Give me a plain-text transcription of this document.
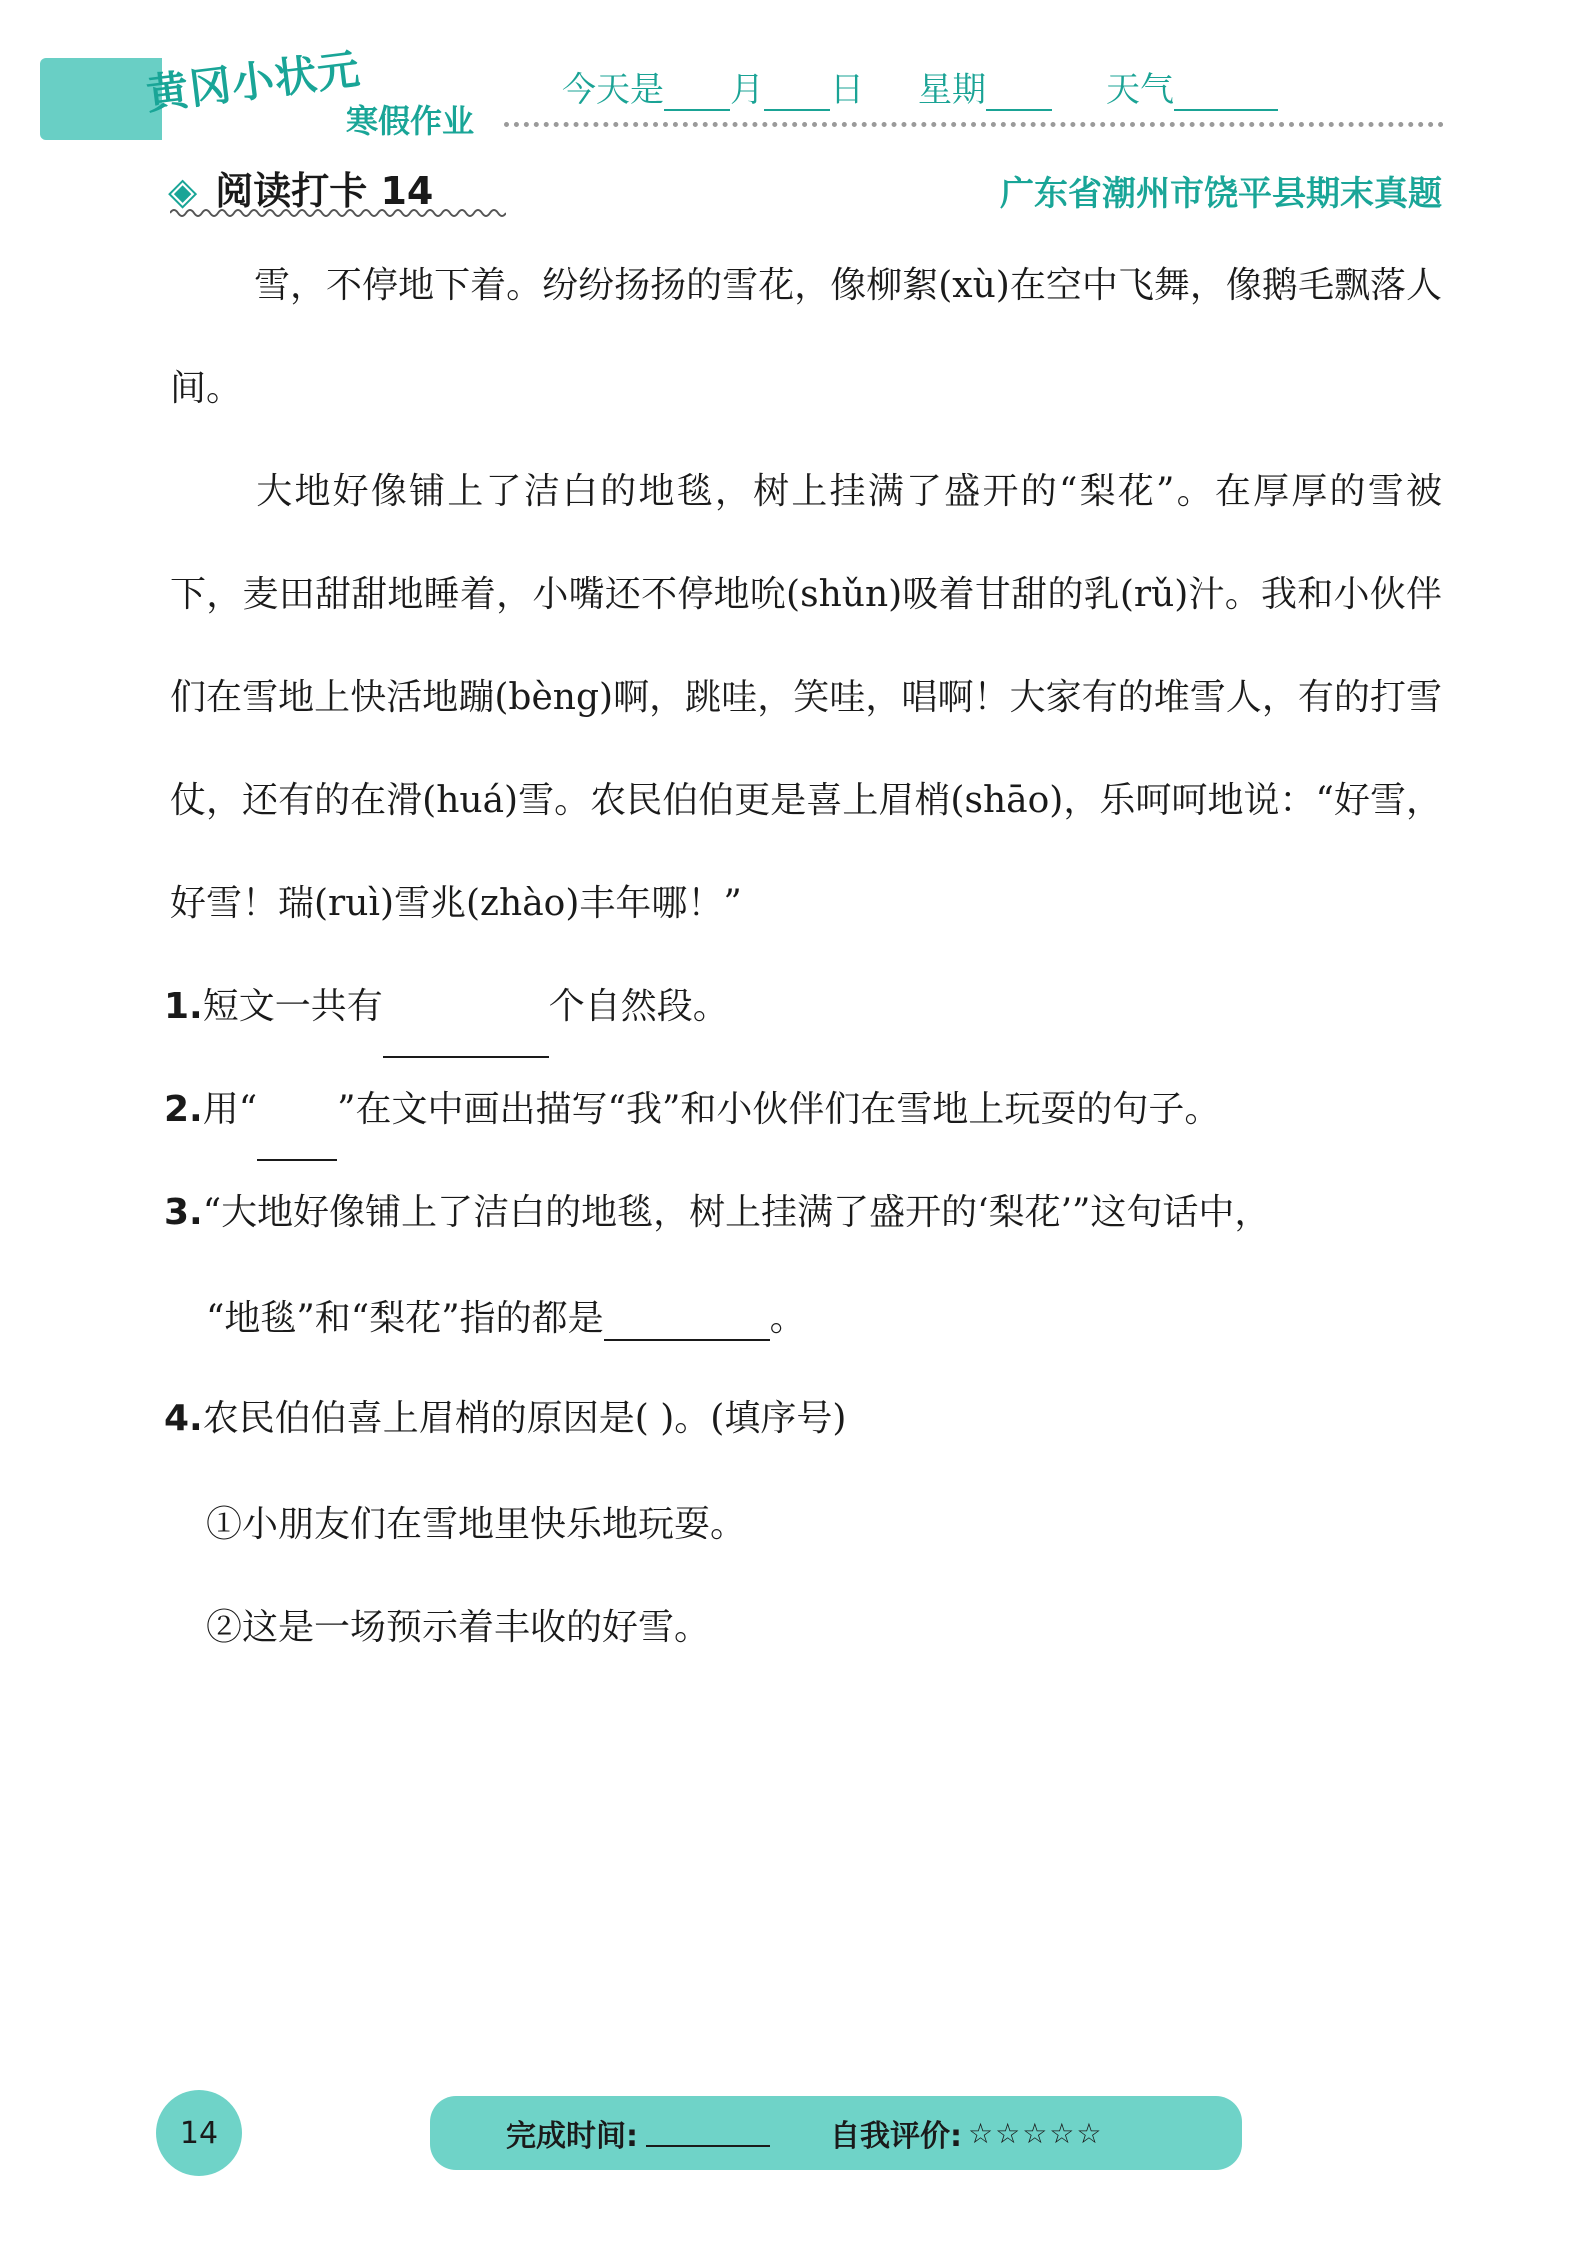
黄冈小状元
寒假作业
今天是 月 日 星期	天气
◈ 阅读打卡 14	广东省潮州市饶平县期末真题

雪，不停地下着。纷纷扬扬的雪花，像柳絮(xù)在空中飞舞，像鹅毛飘落人间。

大地好像铺上了洁白的地毯，树上挂满了盛开的“梨花”。在厚厚的雪被下，麦田甜甜地睡着，小嘴还不停地吮(shǔn)吸着甘甜的乳(rǔ)汁。我和小伙伴们在雪地上快活地蹦(bèng)啊，跳哇，笑哇，唱啊！大家有的堆雪人，有的打雪仗，还有的在滑(huá)雪。农民伯伯更是喜上眉梢(shāo)，乐呵呵地说：“好雪，好雪！瑞(ruì)雪兆(zhào)丰年哪！”

1.短文一共有	个自然段。
2.用“ ”在文中画出描写“我”和小伙伴们在雪地上玩耍的句子。
3.“大地好像铺上了洁白的地毯，树上挂满了盛开的‘梨花’”这句话中，
“地毯”和“梨花”指的都是	。
4.农民伯伯喜上眉梢的原因是( )。(填序号)
①小朋友们在雪地里快乐地玩耍。
②这是一场预示着丰收的好雪。
14	完成时间:	自我评价: ☆☆☆☆☆
